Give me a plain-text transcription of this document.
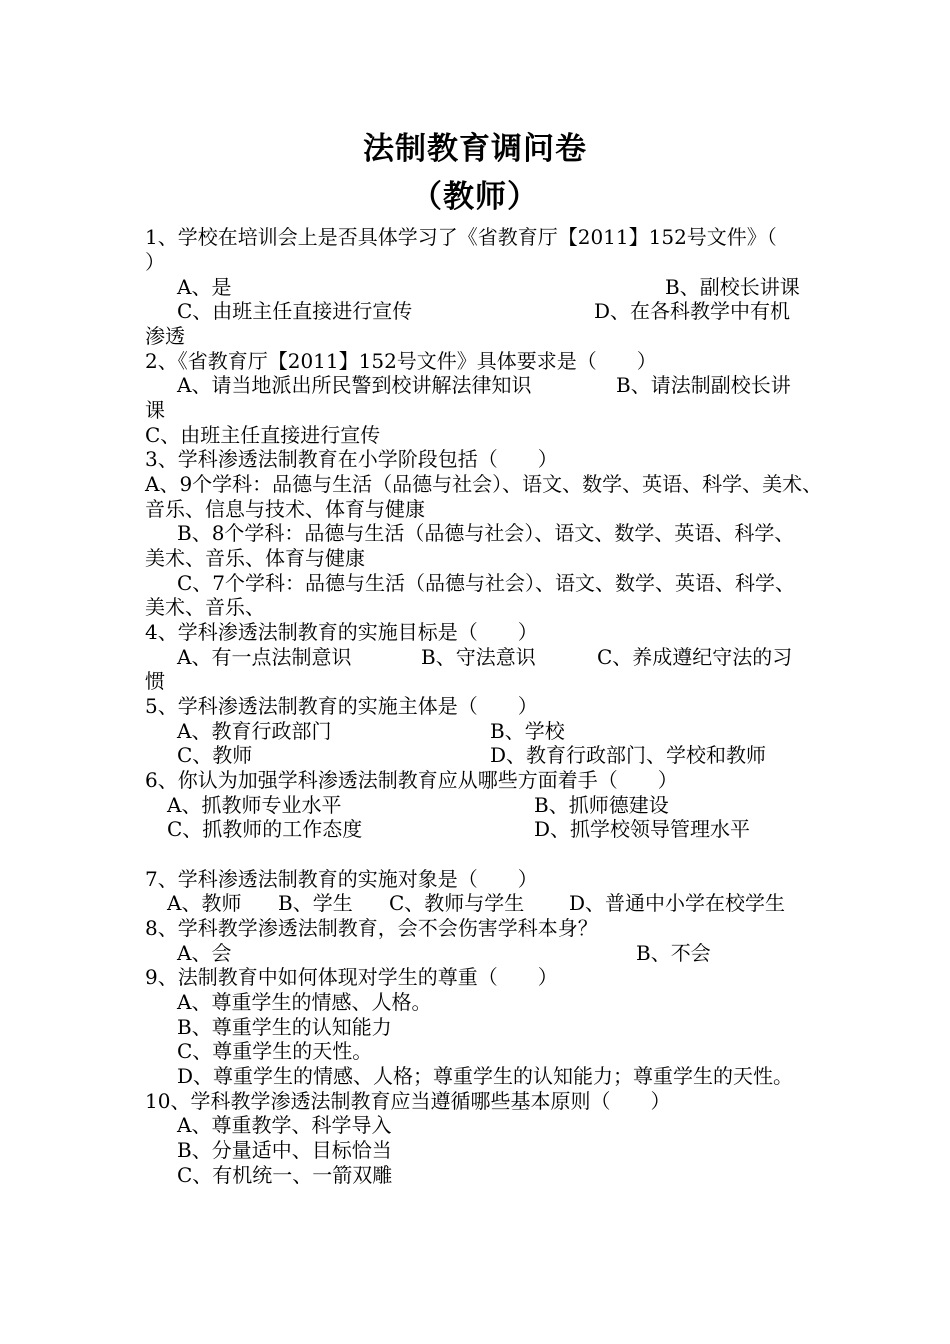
法制教育调问卷
（教师）
1、学校在培训会上是否具体学习了《省教育厅【2011】152号文件》（
）
A、是	B、副校长讲课
C、由班主任直接进行宣传	D、在各科教学中有机
渗透
2、《省教育厅【2011】152号文件》具体要求是（　　）
A、请当地派出所民警到校讲解法律知识	B、请法制副校长讲
课
C、由班主任直接进行宣传
3、学科渗透法制教育在小学阶段包括（　　）
A、9个学科：品德与生活（品德与社会）、语文、数学、英语、科学、美术、
音乐、信息与技术、体育与健康
B、8个学科：品德与生活（品德与社会）、语文、数学、英语、科学、
美术、音乐、体育与健康
C、7个学科：品德与生活（品德与社会）、语文、数学、英语、科学、
美术、音乐、
4、学科渗透法制教育的实施目标是（　　）
A、有一点法制意识	B、守法意识	C、养成遵纪守法的习
惯
5、学科渗透法制教育的实施主体是（　　）
A、教育行政部门	B、学校
C、教师	D、教育行政部门、学校和教师
6、你认为加强学科渗透法制教育应从哪些方面着手（　　）
A、抓教师专业水平	B、抓师德建设
C、抓教师的工作态度	D、抓学校领导管理水平
7、学科渗透法制教育的实施对象是（　　）
A、教师 B、学生 C、教师与学生 D、普通中小学在校学生
8、学科教学渗透法制教育，会不会伤害学科本身？
A、会	B、不会
9、法制教育中如何体现对学生的尊重（　　）
A、尊重学生的情感、人格。
B、尊重学生的认知能力
C、尊重学生的天性。
D、尊重学生的情感、人格；尊重学生的认知能力；尊重学生的天性。
10、学科教学渗透法制教育应当遵循哪些基本原则（　　）
A、尊重教学、科学导入
B、分量适中、目标恰当
C、有机统一、一箭双雕
